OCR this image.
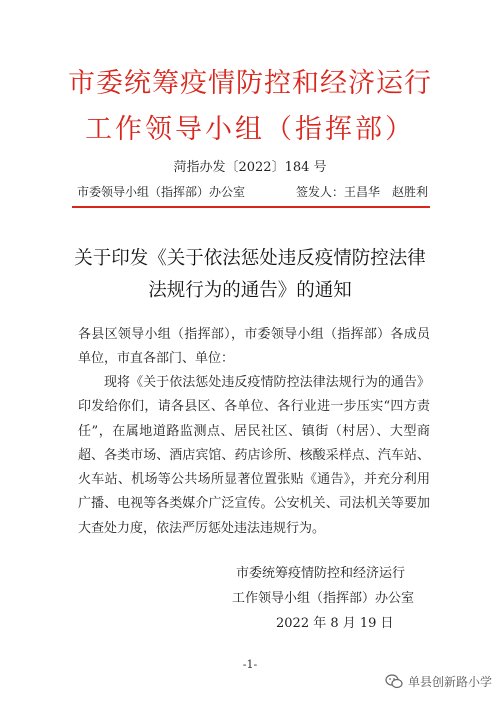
市委统筹疫情防控和经济运行
工作领导小组（指挥部）
菏指办发〔2022〕184 号
市委领导小组（指挥部）办公室	签发人：王昌华　赵胜利
关于印发《关于依法惩处违反疫情防控法律
法规行为的通告》的通知
各县区领导小组（指挥部），市委领导小组（指挥部）各成员单位，市直各部门、单位：
现将《关于依法惩处违反疫情防控法律法规行为的通告》印发给你们，请各县区、各单位、各行业进一步压实“四方责任”，在属地道路监测点、居民社区、镇街（村居）、大型商超、各类市场、酒店宾馆、药店诊所、核酸采样点、汽车站、火车站、机场等公共场所显著位置张贴《通告》，并充分利用广播、电视等各类媒介广泛宣传。公安机关、司法机关等要加大查处力度，依法严厉惩处违法违规行为。
市委统筹疫情防控和经济运行
工作领导小组（指挥部）办公室
2022 年 8 月 19 日
-1-
单县创新路小学
